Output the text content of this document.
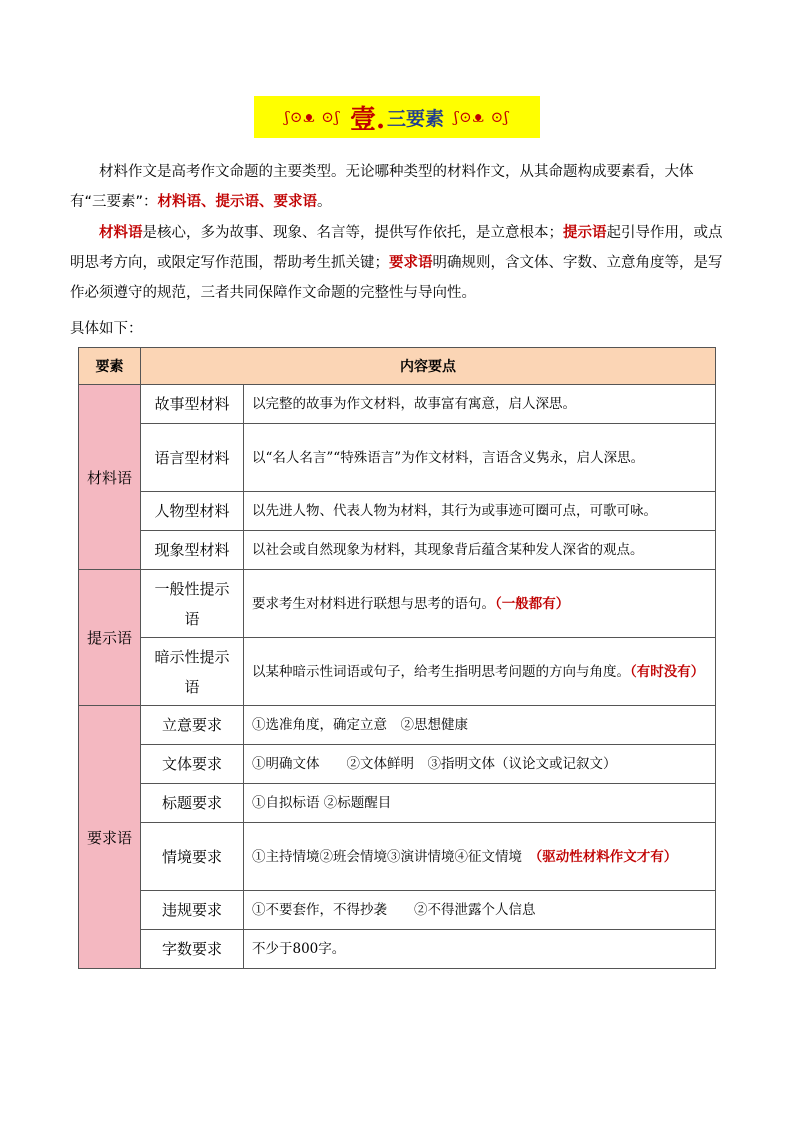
ʃ⊙ᴥ ⊙ʃ 壹. 三要素 ʃ⊙ᴥ ⊙ʃ

材料作文是高考作文命题的主要类型。无论哪种类型的材料作文，从其命题构成要素看，大体有“三要素”：材料语、提示语、要求语。

材料语是核心，多为故事、现象、名言等，提供写作依托，是立意根本；提示语起引导作用，或点明思考方向，或限定写作范围，帮助考生抓关键；要求语明确规则，含文体、字数、立意角度等，是写作必须遵守的规范，三者共同保障作文命题的完整性与导向性。

具体如下：

要素	内容要点	
材料语	故事型材料	以完整的故事为作文材料，故事富有寓意，启人深思。
	语言型材料	以“名人名言”“特殊语言”为作文材料，言语含义隽永，启人深思。
	人物型材料	以先进人物、代表人物为材料，其行为或事迹可圈可点，可歌可咏。
	现象型材料	以社会或自然现象为材料，其现象背后蕴含某种发人深省的观点。
提示语	一般性提示语	要求考生对材料进行联想与思考的语句。（一般都有）
	暗示性提示语	以某种暗示性词语或句子，给考生指明思考问题的方向与角度。（有时没有）
要求语	立意要求	①选准角度，确定立意　②思想健康
	文体要求	①明确文体　　②文体鲜明　③指明文体（议论文或记叙文）
	标题要求	①自拟标语 ②标题醒目
	情境要求	①主持情境②班会情境③演讲情境④征文情境　（驱动性材料作文才有）
	违规要求	①不要套作，不得抄袭　　②不得泄露个人信息
	字数要求	不少于800字。
